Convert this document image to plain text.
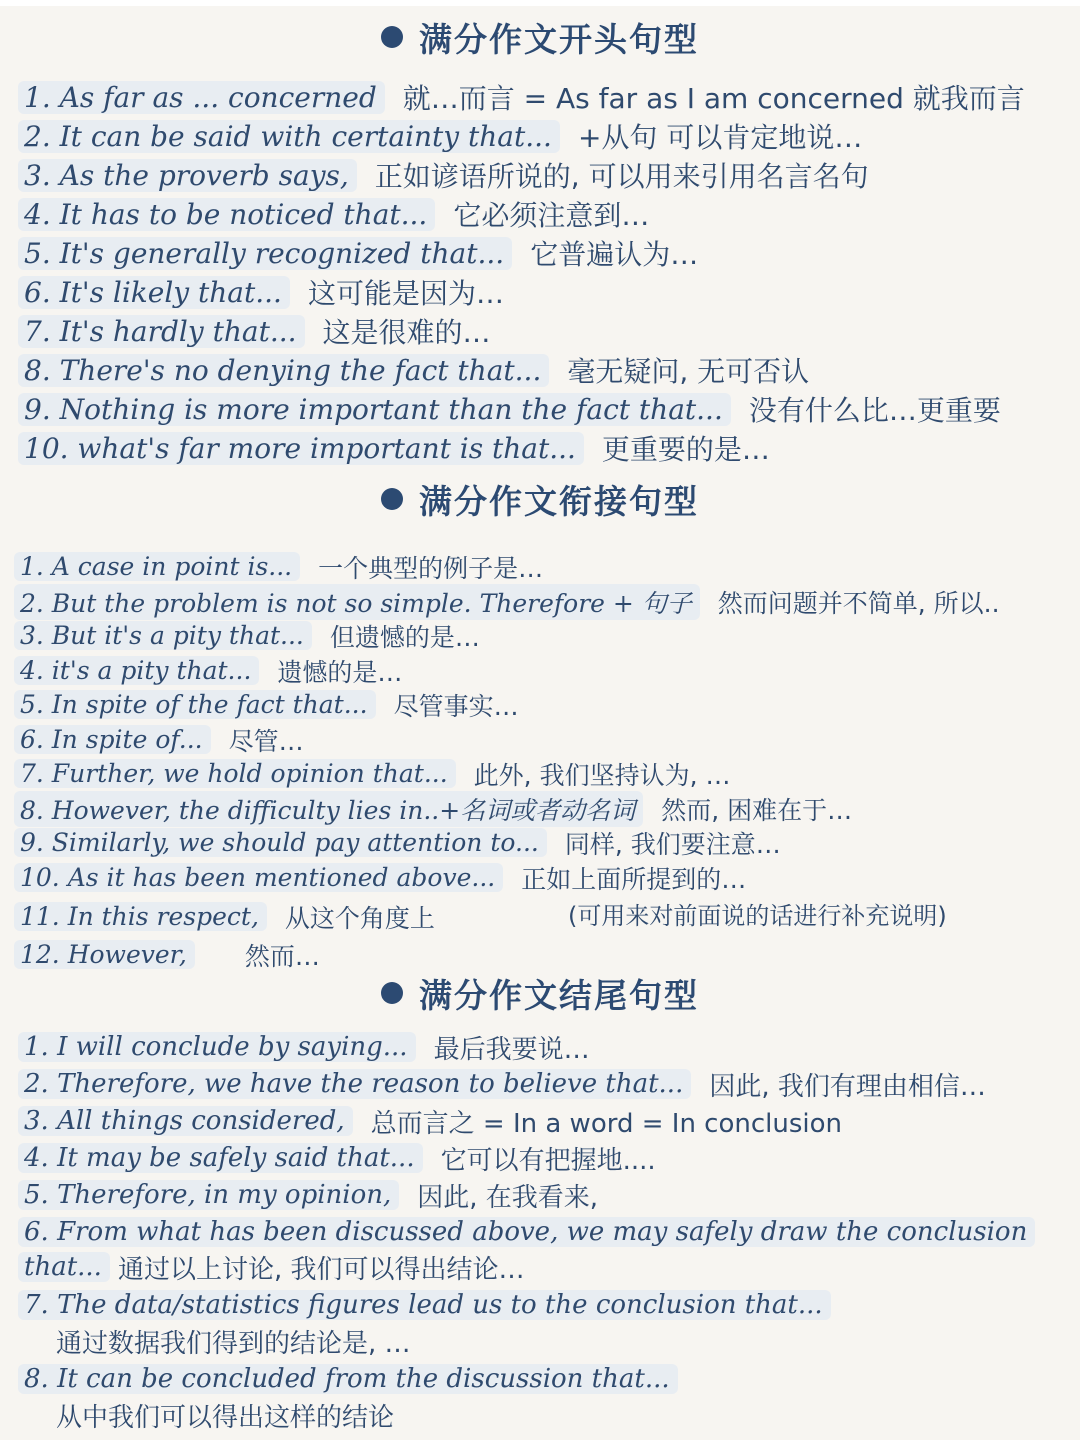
满分作文开头句型
1. As far as ... concerned 就…而言 = As far as I am concerned 就我而言
2. It can be said with certainty that... +从句 可以肯定地说…
3. As the proverb says, 正如谚语所说的, 可以用来引用名言名句
4. It has to be noticed that... 它必须注意到…
5. It's generally recognized that... 它普遍认为…
6. It's likely that... 这可能是因为…
7. It's hardly that... 这是很难的…
8. There's no denying the fact that... 毫无疑问, 无可否认
9. Nothing is more important than the fact that... 没有什么比…更重要
10. what's far more important is that... 更重要的是…
满分作文衔接句型
1. A case in point is...	一个典型的例子是…
2. But the problem is not so simple. Therefore + 句子	然而问题并不简单, 所以..
3. But it's a pity that...	但遗憾的是…
4. it's a pity that...	遗憾的是…
5. In spite of the fact that...	尽管事实…
6. In spite of...	尽管…
7. Further, we hold opinion that...	此外, 我们坚持认为, …
8. However, the difficulty lies in..+名词或者动名词	然而, 困难在于…
9. Similarly, we should pay attention to...	同样, 我们要注意…
10. As it has been mentioned above...	正如上面所提到的…
11. In this respect,	从这个角度上	(可用来对前面说的话进行补充说明)
12. However,	然而…
满分作文结尾句型
1. I will conclude by saying...	最后我要说…
2. Therefore, we have the reason to believe that...	因此, 我们有理由相信…
3. All things considered,	总而言之 = In a word = In conclusion
4. It may be safely said that...	它可以有把握地....
5. Therefore, in my opinion,	因此, 在我看来,
6. From what has been discussed above, we may safely draw the conclusion
that... 通过以上讨论, 我们可以得出结论…
7. The data/statistics figures lead us to the conclusion that...
通过数据我们得到的结论是, …
8. It can be concluded from the discussion that...
从中我们可以得出这样的结论
